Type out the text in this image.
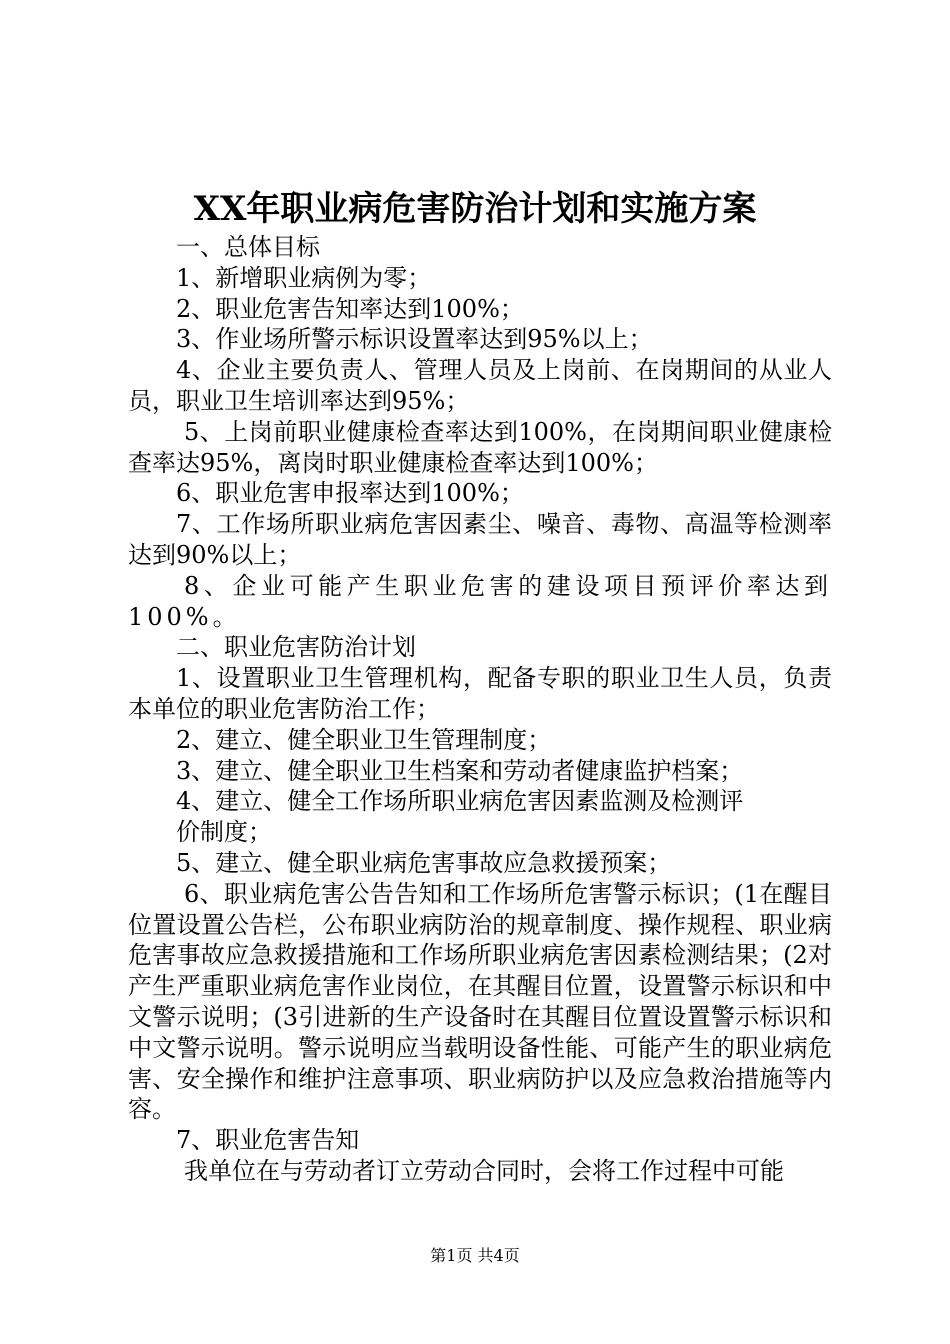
XX年职业病危害防治计划和实施方案

一、总体目标

1、新增职业病例为零；

2、职业危害告知率达到100%；

3、作业场所警示标识设置率达到95%以上；

4、企业主要负责人、管理人员及上岗前、在岗期间的从业人员，职业卫生培训率达到95%；

5、上岗前职业健康检查率达到100%，在岗期间职业健康检查率达95%，离岗时职业健康检查率达到100%；

6、职业危害申报率达到100%；

7、工作场所职业病危害因素尘、噪音、毒物、高温等检测率达到90%以上；

8、企业可能产生职业危害的建设项目预评价率达到100%。

二、职业危害防治计划

1、设置职业卫生管理机构，配备专职的职业卫生人员，负责本单位的职业危害防治工作；

2、建立、健全职业卫生管理制度；

3、建立、健全职业卫生档案和劳动者健康监护档案；

4、建立、健全工作场所职业病危害因素监测及检测评

价制度；

5、建立、健全职业病危害事故应急救援预案；

6、职业病危害公告告知和工作场所危害警示标识；(1在醒目位置设置公告栏，公布职业病防治的规章制度、操作规程、职业病危害事故应急救援措施和工作场所职业病危害因素检测结果；(2对产生严重职业病危害作业岗位，在其醒目位置，设置警示标识和中文警示说明；(3引进新的生产设备时在其醒目位置设置警示标识和中文警示说明。警示说明应当载明设备性能、可能产生的职业病危害、安全操作和维护注意事项、职业病防护以及应急救治措施等内容。

7、职业危害告知

我单位在与劳动者订立劳动合同时，会将工作过程中可能

第1页 共4页
